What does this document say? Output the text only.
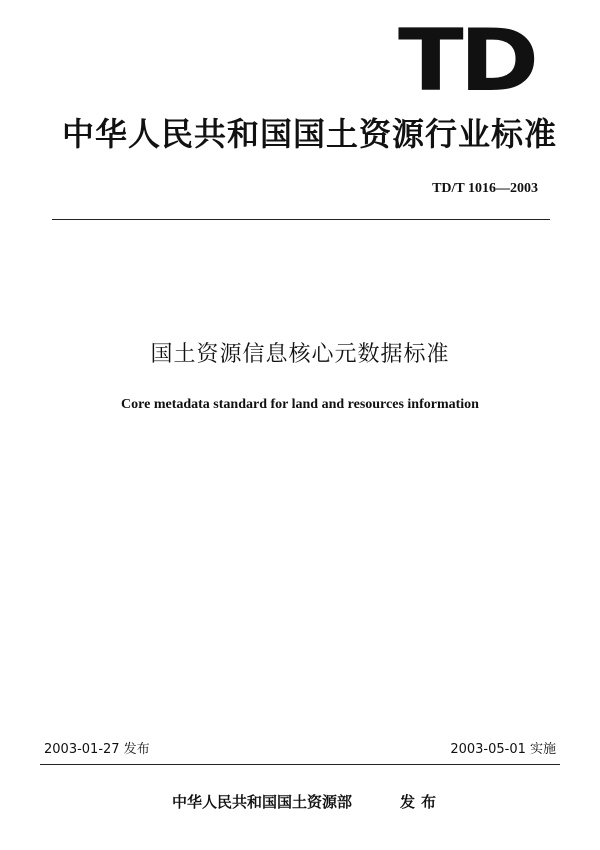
TD
中华人民共和国国土资源行业标准
TD/T 1016—2003
国土资源信息核心元数据标准
Core metadata standard for land and resources information
2003-01-27 发布	2003-05-01 实施
中华人民共和国国土资源部	发布
